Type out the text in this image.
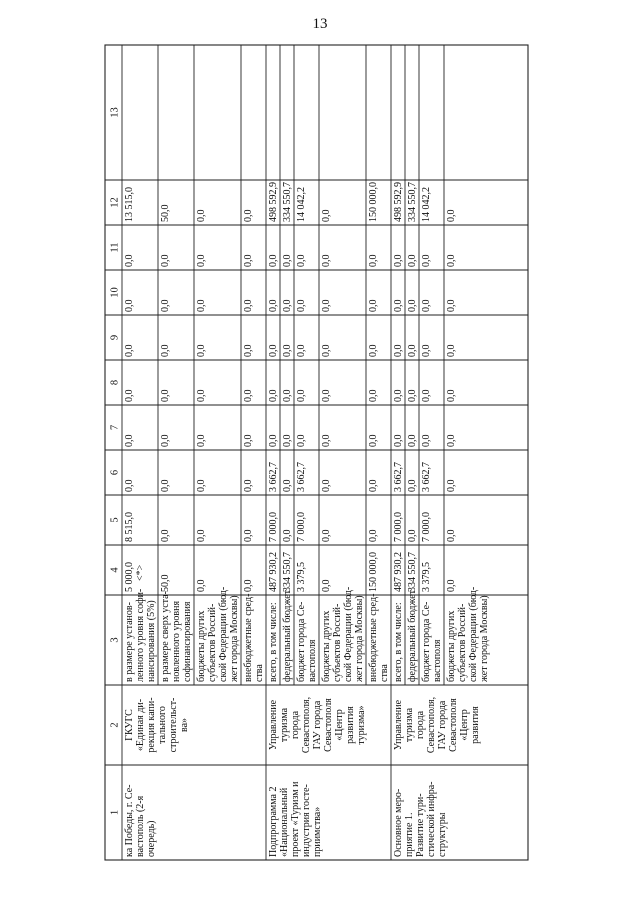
13
1
2
3
4
5
6
7
8
9
10
11
12
13
ка Победы, г. Се- вастополь (2-я очередь)
ГКУГС «Единая ди- рекция капи- тального строительст- ва»
в размере установ- ленного уровня софи- нансирования (5%)
5 000,0
8 515,0
0,0
0,0
0,0
0,0
0,0
0,0
13 515,0
<*>
в размере сверх уста- новленного уровня софинансирования
50,0
0,0
0,0
0,0
0,0
0,0
0,0
0,0
50,0
бюджеты других субъектов Россий- ской Федерации (бюд- жет города Москвы)
0,0
0,0
0,0
0,0
0,0
0,0
0,0
0,0
0,0
внебюджетные сред- ства
0,0
0,0
0,0
0,0
0,0
0,0
0,0
0,0
0,0
Подпрограмма 2 «Национальный проект «Туризм и индустрия госте- приимства»
Управление туризма города Севастополя, ГАУ города Севастополя «Центр развития туризма»
всего, в том числе:
487 930,2
7 000,0
3 662,7
0,0
0,0
0,0
0,0
0,0
498 592,9
федеральный бюджет
334 550,7
0,0
0,0
0,0
0,0
0,0
0,0
0,0
334 550,7
бюджет города Се- вастополя
3 379,5
7 000,0
3 662,7
0,0
0,0
0,0
0,0
0,0
14 042,2
бюджеты других субъектов Россий- ской Федерации (бюд- жет города Москвы)
0,0
0,0
0,0
0,0
0,0
0,0
0,0
0,0
0,0
внебюджетные сред- ства
150 000,0
0,0
0,0
0,0
0,0
0,0
0,0
0,0
150 000,0
Основное меро- приятие 1. Развитие тури- стической инфра- структуры
Управление туризма города Севастополя, ГАУ города Севастополя «Центр развития
всего, в том числе:
487 930,2
7 000,0
3 662,7
0,0
0,0
0,0
0,0
0,0
498 592,9
федеральный бюджет
334 550,7
0,0
0,0
0,0
0,0
0,0
0,0
0,0
334 550,7
бюджет города Се- вастополя
3 379,5
7 000,0
3 662,7
0,0
0,0
0,0
0,0
0,0
14 042,2
бюджеты других субъектов Россий- ской Федерации (бюд- жет города Москвы)
0,0
0,0
0,0
0,0
0,0
0,0
0,0
0,0
0,0
